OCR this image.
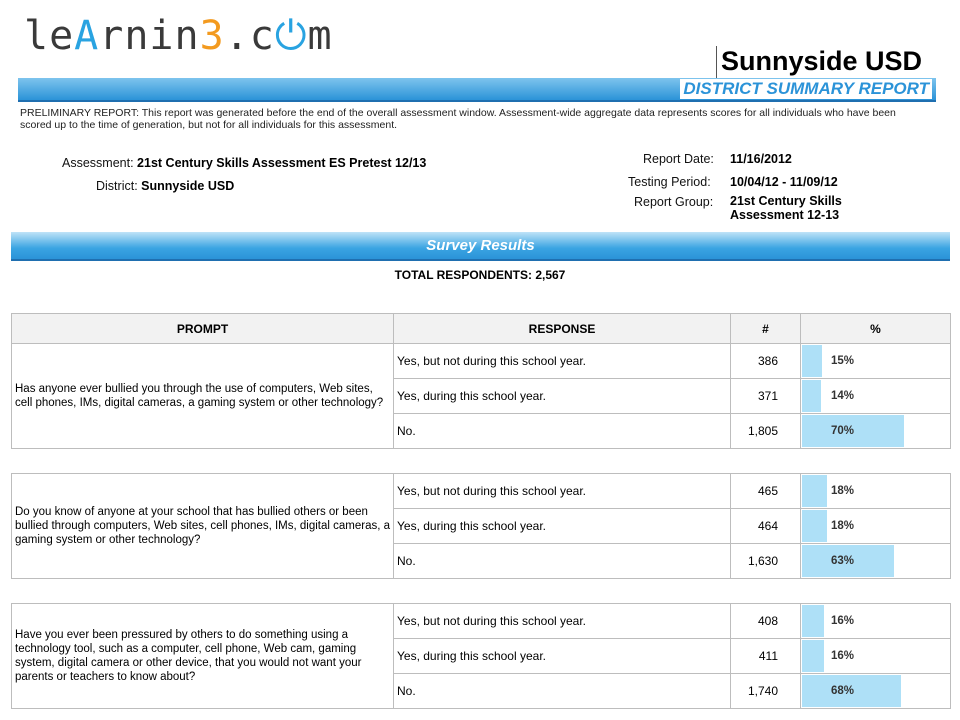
leArnin3.c⏻m
Sunnyside USD
DISTRICT SUMMARY REPORT
PRELIMINARY REPORT: This report was generated before the end of the overall assessment window. Assessment-wide aggregate data represents scores for all individuals who have been scored up to the time of generation, but not for all individuals for this assessment.
Assessment: 21st Century Skills Assessment ES Pretest 12/13
District: Sunnyside USD
Report Date: 11/16/2012
Testing Period: 10/04/12 - 11/09/12
Report Group: 21st Century Skills
Assessment 12-13
Survey Results
TOTAL RESPONDENTS: 2,567
PROMPT	RESPONSE	#	%
Has anyone ever bullied you through the use of computers, Web sites, cell phones, IMs, digital cameras, a gaming system or other technology?	Yes, but not during this school year.	386	15%

	Yes, during this school year.	371	14%

	No.	1,805	70%
Do you know of anyone at your school that has bullied others or been bullied through computers, Web sites, cell phones, IMs, digital cameras, a gaming system or other technology?	Yes, but not during this school year.	465	18%

	Yes, during this school year.	464	18%

	No.	1,630	63%
Have you ever been pressured by others to do something using a technology tool, such as a computer, cell phone, Web cam, gaming system, digital camera or other device, that you would not want your parents or teachers to know about?	Yes, but not during this school year.	408	16%

	Yes, during this school year.	411	16%

	No.	1,740	68%
